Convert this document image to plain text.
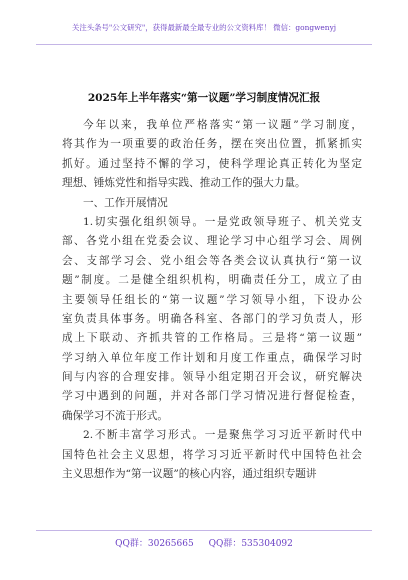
关注头条号"公文研究"，获得最新最全最专业的公文资料库！ 微信：gongwenyj
2025年上半年落实“第一议题”学习制度情况汇报
今年以来，我单位严格落实“第一议题”学习制度，
将其作为一项重要的政治任务，摆在突出位置，抓紧抓实
抓好。通过坚持不懈的学习，使科学理论真正转化为坚定
理想、锤炼党性和指导实践、推动工作的强大力量。
一、工作开展情况
1.切实强化组织领导。一是党政领导班子、机关党支
部、各党小组在党委会议、理论学习中心组学习会、周例
会、支部学习会、党小组会等各类会议认真执行“第一议
题”制度。二是健全组织机构，明确责任分工，成立了由
主要领导任组长的“第一议题”学习领导小组，下设办公
室负责具体事务。明确各科室、各部门的学习负责人，形
成上下联动、齐抓共管的工作格局。三是将“第一议题”
学习纳入单位年度工作计划和月度工作重点，确保学习时
间与内容的合理安排。领导小组定期召开会议，研究解决
学习中遇到的问题，并对各部门学习情况进行督促检查，
确保学习不流于形式。
2.不断丰富学习形式。一是聚焦学习习近平新时代中
国特色社会主义思想，将学习习近平新时代中国特色社会
主义思想作为“第一议题”的核心内容，通过组织专题讲
QQ群：30265665 QQ群：535304092
